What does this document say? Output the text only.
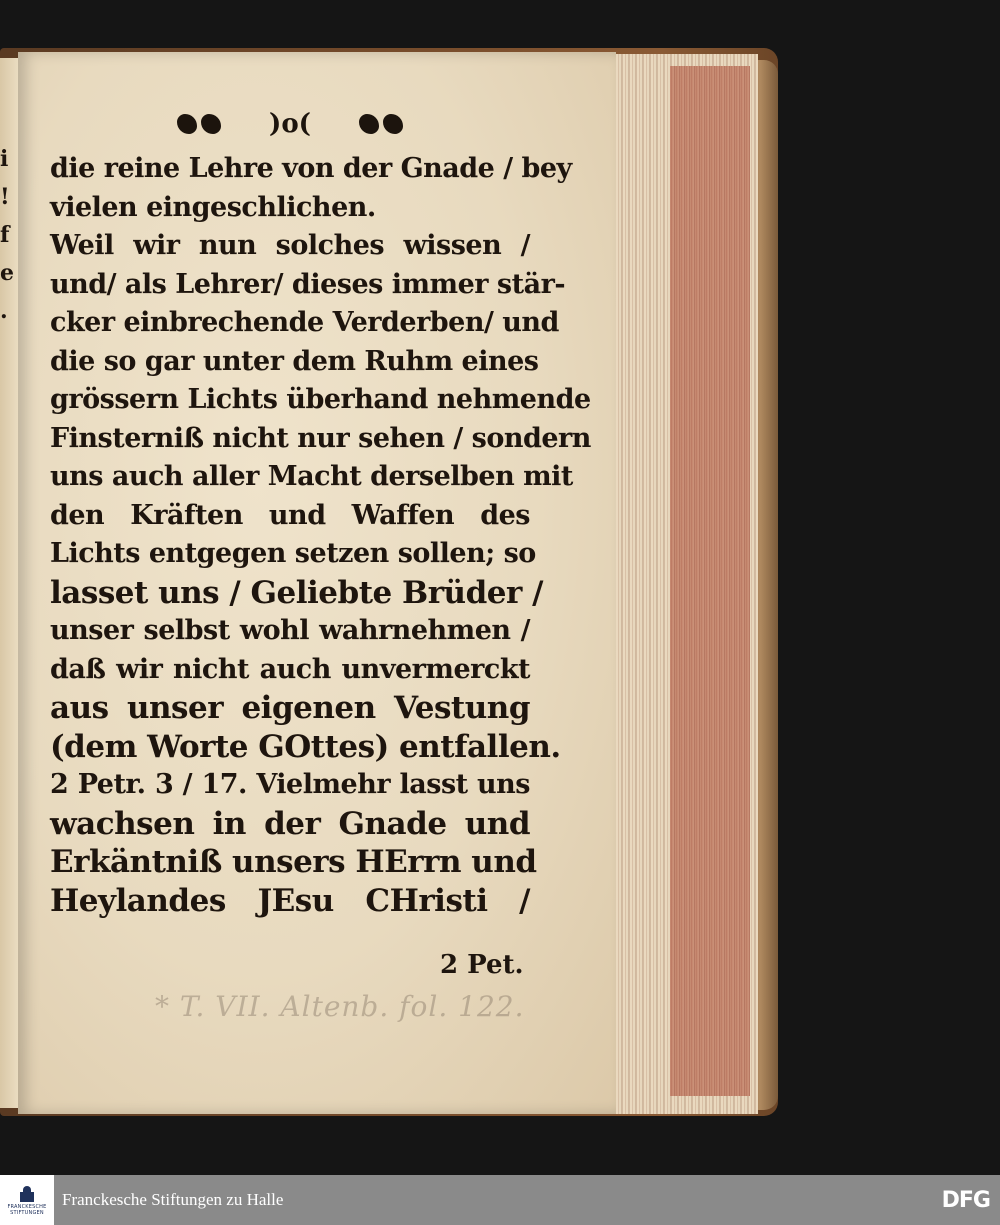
i
!
f
e
.
* T. VII. Altenb. fol. 122.
)o(
die reine Lehre von der Gnade / bey
vielen eingeschlichen.
Weil wir nun solches wissen /
und/ als Lehrer/ dieses immer stär-
cker einbrechende Verderben/ und
die so gar unter dem Ruhm eines
grössern Lichts überhand nehmende
Finsterniß nicht nur sehen / sondern
uns auch aller Macht derselben mit
den Kräften und Waffen des
Lichts entgegen setzen sollen; so
lasset uns / Geliebte Brüder /
unser selbst wohl wahrnehmen /
daß wir nicht auch unvermerckt
aus unser eigenen Vestung
(dem Worte GOttes) entfallen.
2 Petr. 3 / 17. Vielmehr lasst uns
wachsen in der Gnade und
Erkäntniß unsers HErrn und
Heylandes JEsu CHristi /
2 Pet.
FRANCKESCHE STIFTUNGEN
Franckesche Stiftungen zu Halle	DFG
